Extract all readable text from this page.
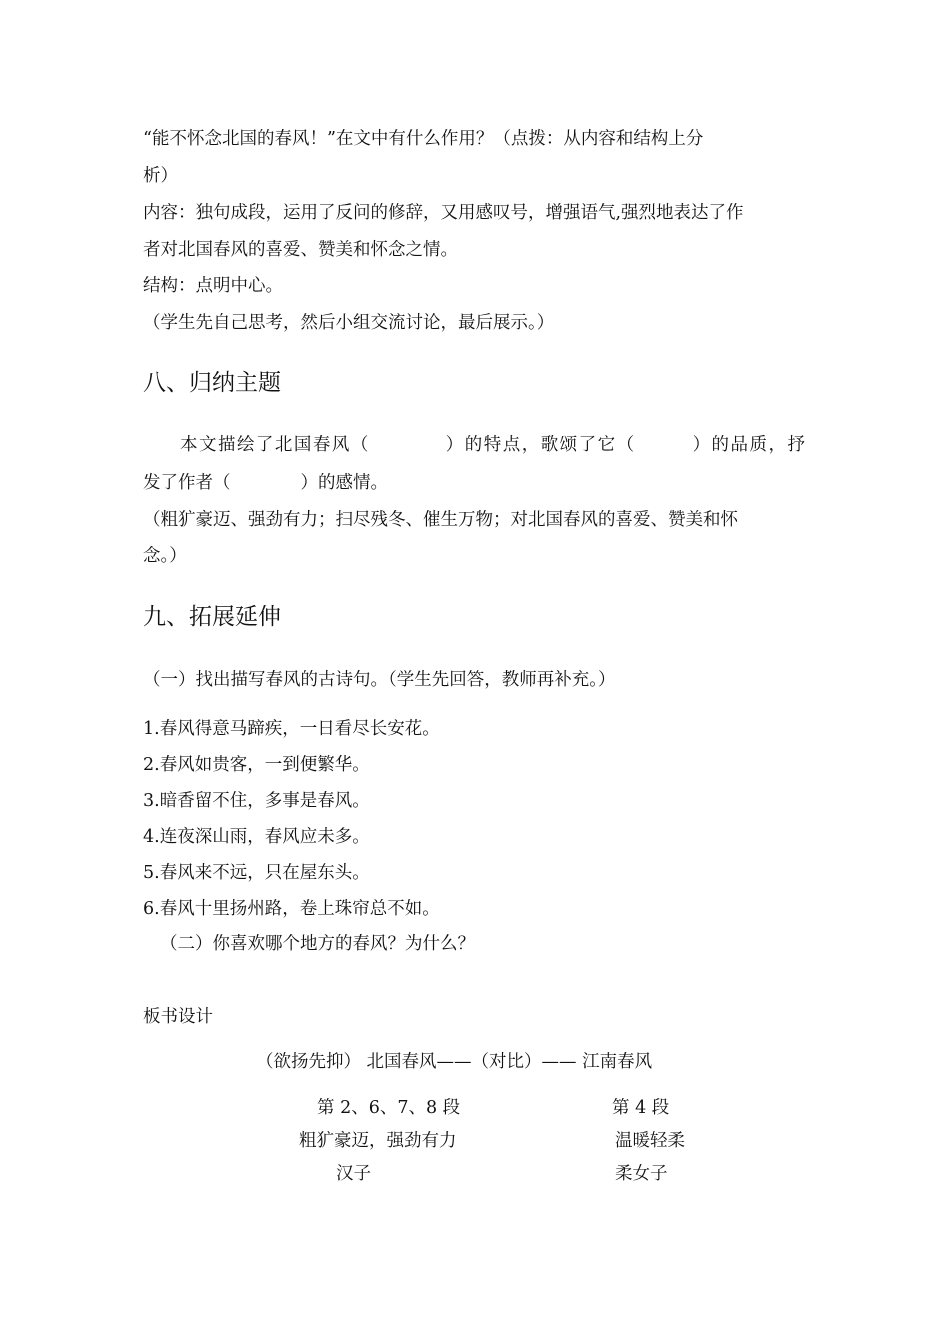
“能不怀念北国的春风！”在文中有什么作用？（点拨：从内容和结构上分
析）
内容：独句成段，运用了反问的修辞，又用感叹号，增强语气,强烈地表达了作
者对北国春风的喜爱、赞美和怀念之情。
结构：点明中心。
（学生先自己思考，然后小组交流讨论，最后展示。）
八、归纳主题
本文描绘了北国春风（　　　　）的特点，歌颂了它（　　　）的品质，抒
发了作者（　　　　）的感情。
（粗犷豪迈、强劲有力；扫尽残冬、催生万物；对北国春风的喜爱、赞美和怀
念。）
九、拓展延伸
（一）找出描写春风的古诗句。（学生先回答，教师再补充。）
1.春风得意马蹄疾，一日看尽长安花。
2.春风如贵客，一到便繁华。
3.暗香留不住，多事是春风。
4.连夜深山雨，春风应未多。
5.春风来不远，只在屋东头。
6.春风十里扬州路，卷上珠帘总不如。
（二）你喜欢哪个地方的春风？为什么？
板书设计
（欲扬先抑） 北国春风——（对比）—— 江南春风
第 2、6、7、8 段	第 4 段
粗犷豪迈，强劲有力	温暖轻柔
汉子	柔女子
